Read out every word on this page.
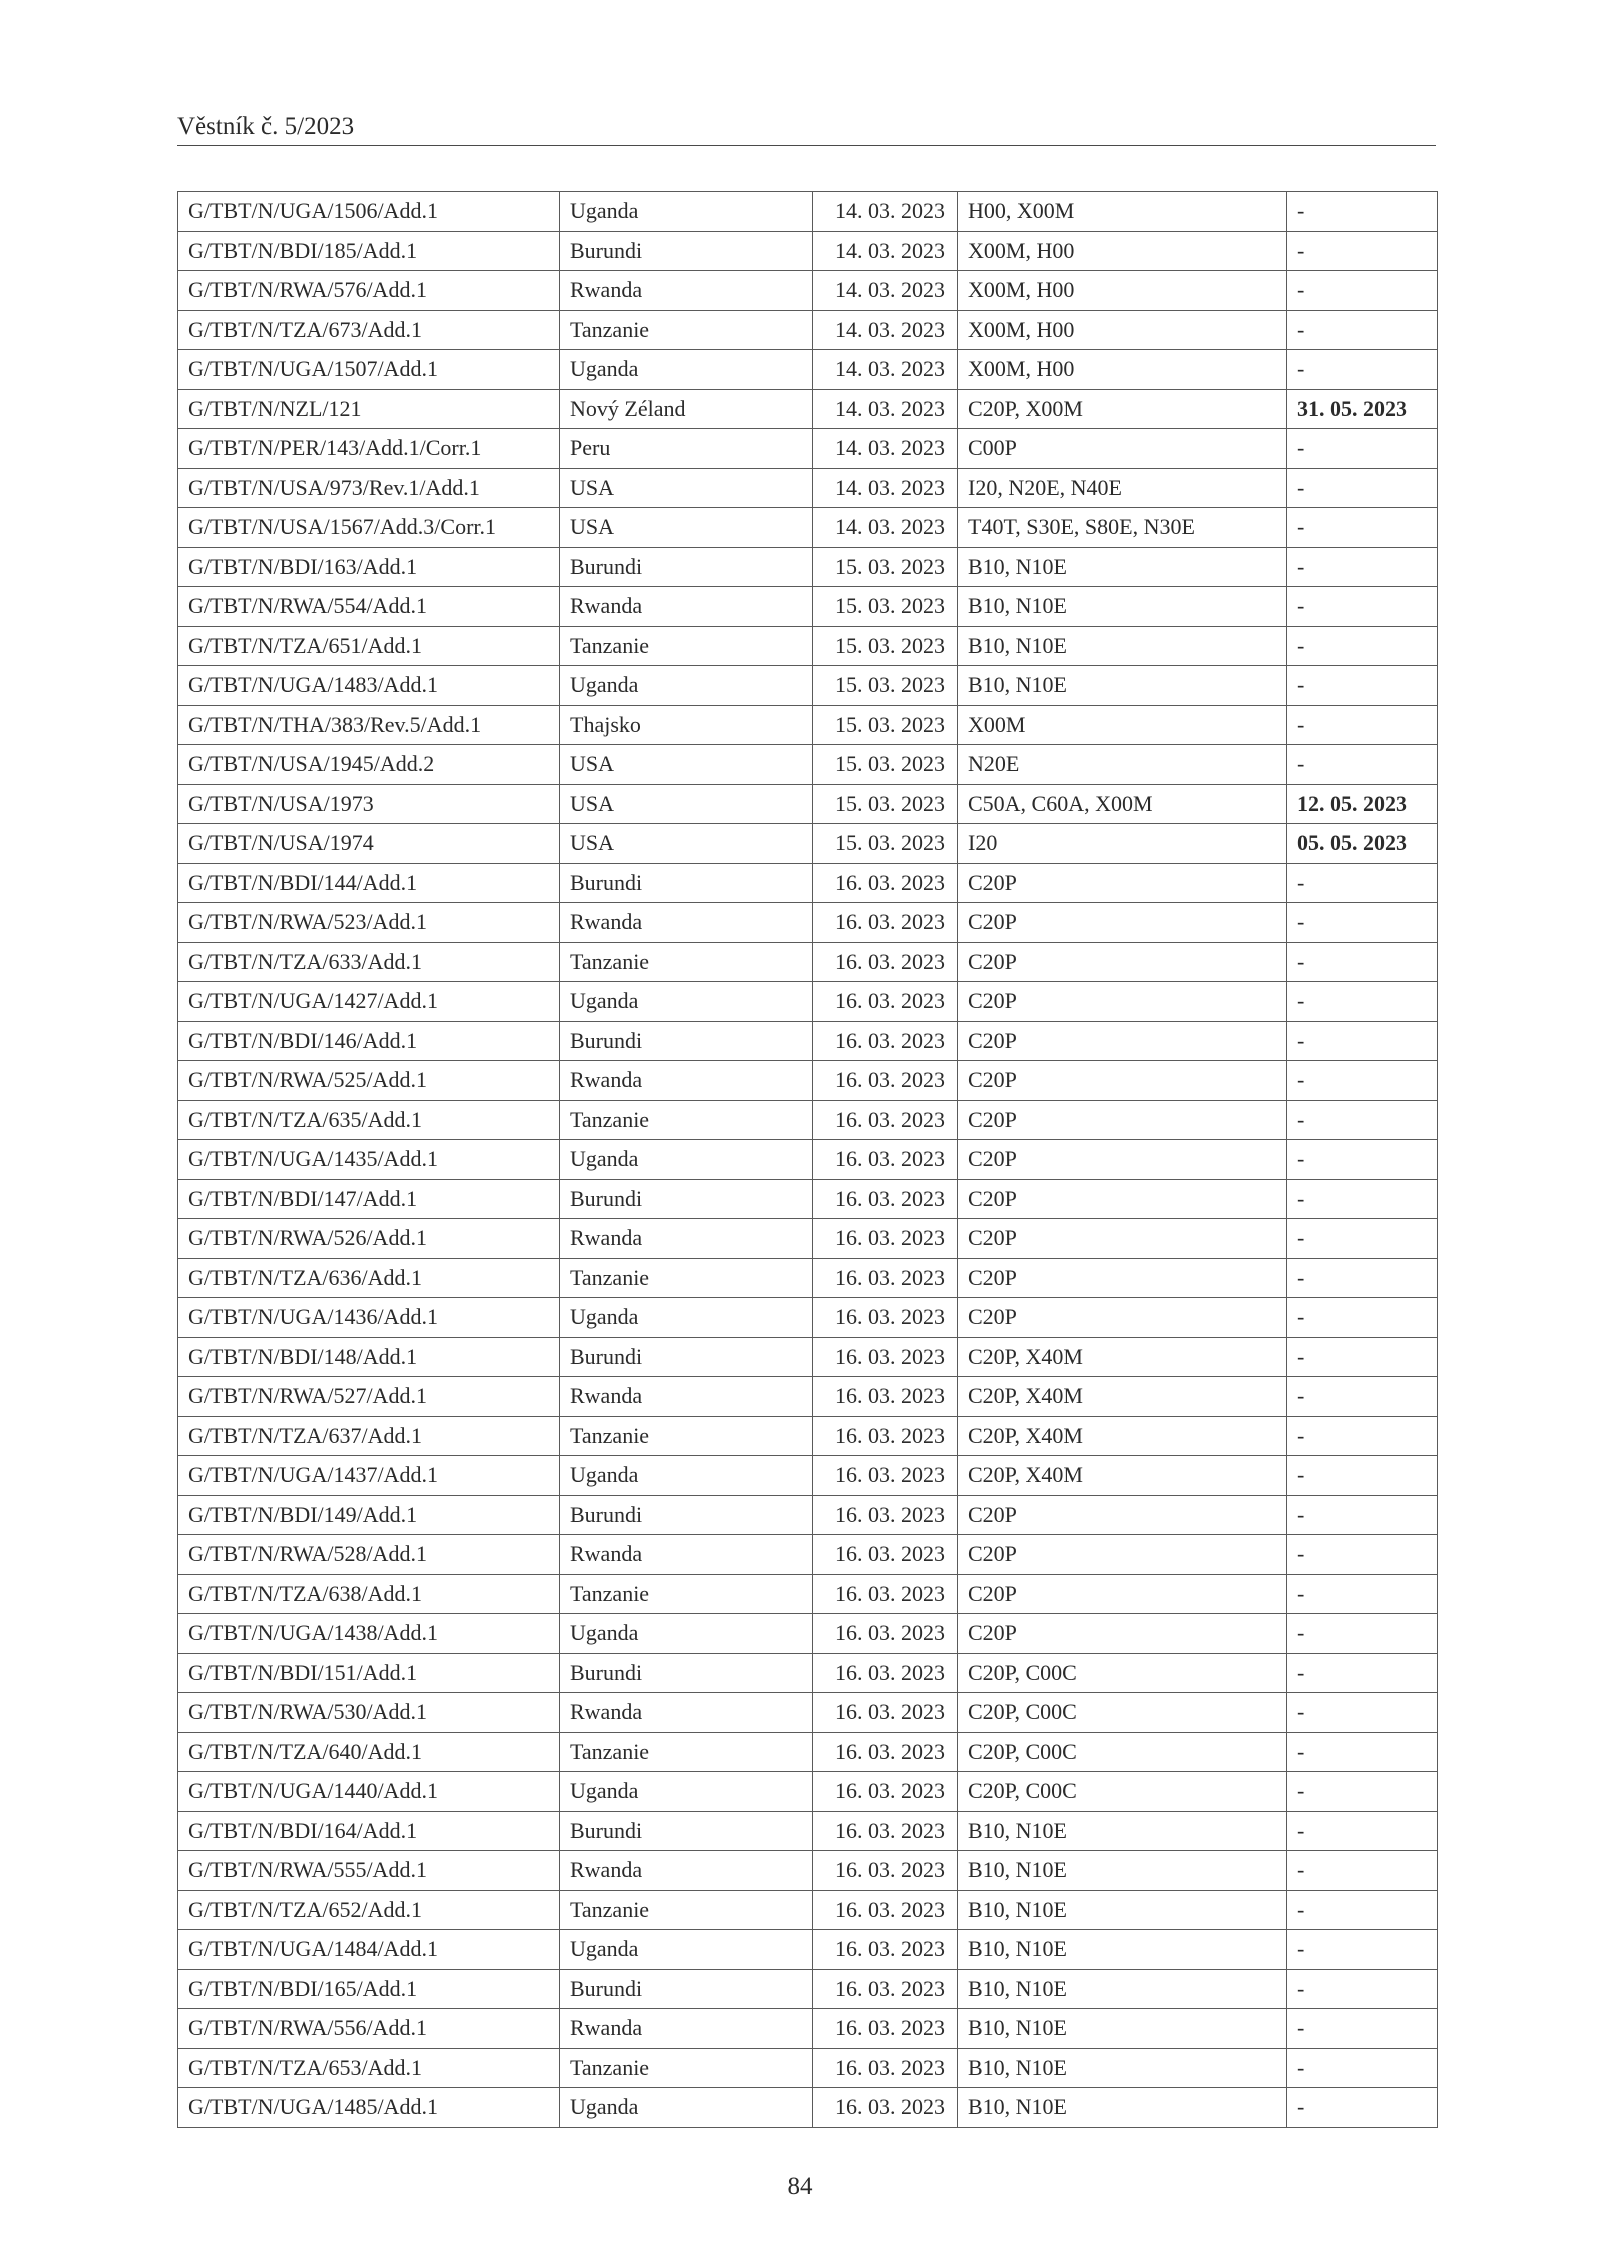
Věstník č. 5/2023
G/TBT/N/UGA/1506/Add.1	Uganda	14. 03. 2023	H00, X00M	-
G/TBT/N/BDI/185/Add.1	Burundi	14. 03. 2023	X00M, H00	-
G/TBT/N/RWA/576/Add.1	Rwanda	14. 03. 2023	X00M, H00	-
G/TBT/N/TZA/673/Add.1	Tanzanie	14. 03. 2023	X00M, H00	-
G/TBT/N/UGA/1507/Add.1	Uganda	14. 03. 2023	X00M, H00	-
G/TBT/N/NZL/121	Nový Zéland	14. 03. 2023	C20P, X00M	31. 05. 2023
G/TBT/N/PER/143/Add.1/Corr.1	Peru	14. 03. 2023	C00P	-
G/TBT/N/USA/973/Rev.1/Add.1	USA	14. 03. 2023	I20, N20E, N40E	-
G/TBT/N/USA/1567/Add.3/Corr.1	USA	14. 03. 2023	T40T, S30E, S80E, N30E	-
G/TBT/N/BDI/163/Add.1	Burundi	15. 03. 2023	B10, N10E	-
G/TBT/N/RWA/554/Add.1	Rwanda	15. 03. 2023	B10, N10E	-
G/TBT/N/TZA/651/Add.1	Tanzanie	15. 03. 2023	B10, N10E	-
G/TBT/N/UGA/1483/Add.1	Uganda	15. 03. 2023	B10, N10E	-
G/TBT/N/THA/383/Rev.5/Add.1	Thajsko	15. 03. 2023	X00M	-
G/TBT/N/USA/1945/Add.2	USA	15. 03. 2023	N20E	-
G/TBT/N/USA/1973	USA	15. 03. 2023	C50A, C60A, X00M	12. 05. 2023
G/TBT/N/USA/1974	USA	15. 03. 2023	I20	05. 05. 2023
G/TBT/N/BDI/144/Add.1	Burundi	16. 03. 2023	C20P	-
G/TBT/N/RWA/523/Add.1	Rwanda	16. 03. 2023	C20P	-
G/TBT/N/TZA/633/Add.1	Tanzanie	16. 03. 2023	C20P	-
G/TBT/N/UGA/1427/Add.1	Uganda	16. 03. 2023	C20P	-
G/TBT/N/BDI/146/Add.1	Burundi	16. 03. 2023	C20P	-
G/TBT/N/RWA/525/Add.1	Rwanda	16. 03. 2023	C20P	-
G/TBT/N/TZA/635/Add.1	Tanzanie	16. 03. 2023	C20P	-
G/TBT/N/UGA/1435/Add.1	Uganda	16. 03. 2023	C20P	-
G/TBT/N/BDI/147/Add.1	Burundi	16. 03. 2023	C20P	-
G/TBT/N/RWA/526/Add.1	Rwanda	16. 03. 2023	C20P	-
G/TBT/N/TZA/636/Add.1	Tanzanie	16. 03. 2023	C20P	-
G/TBT/N/UGA/1436/Add.1	Uganda	16. 03. 2023	C20P	-
G/TBT/N/BDI/148/Add.1	Burundi	16. 03. 2023	C20P, X40M	-
G/TBT/N/RWA/527/Add.1	Rwanda	16. 03. 2023	C20P, X40M	-
G/TBT/N/TZA/637/Add.1	Tanzanie	16. 03. 2023	C20P, X40M	-
G/TBT/N/UGA/1437/Add.1	Uganda	16. 03. 2023	C20P, X40M	-
G/TBT/N/BDI/149/Add.1	Burundi	16. 03. 2023	C20P	-
G/TBT/N/RWA/528/Add.1	Rwanda	16. 03. 2023	C20P	-
G/TBT/N/TZA/638/Add.1	Tanzanie	16. 03. 2023	C20P	-
G/TBT/N/UGA/1438/Add.1	Uganda	16. 03. 2023	C20P	-
G/TBT/N/BDI/151/Add.1	Burundi	16. 03. 2023	C20P, C00C	-
G/TBT/N/RWA/530/Add.1	Rwanda	16. 03. 2023	C20P, C00C	-
G/TBT/N/TZA/640/Add.1	Tanzanie	16. 03. 2023	C20P, C00C	-
G/TBT/N/UGA/1440/Add.1	Uganda	16. 03. 2023	C20P, C00C	-
G/TBT/N/BDI/164/Add.1	Burundi	16. 03. 2023	B10, N10E	-
G/TBT/N/RWA/555/Add.1	Rwanda	16. 03. 2023	B10, N10E	-
G/TBT/N/TZA/652/Add.1	Tanzanie	16. 03. 2023	B10, N10E	-
G/TBT/N/UGA/1484/Add.1	Uganda	16. 03. 2023	B10, N10E	-
G/TBT/N/BDI/165/Add.1	Burundi	16. 03. 2023	B10, N10E	-
G/TBT/N/RWA/556/Add.1	Rwanda	16. 03. 2023	B10, N10E	-
G/TBT/N/TZA/653/Add.1	Tanzanie	16. 03. 2023	B10, N10E	-
G/TBT/N/UGA/1485/Add.1	Uganda	16. 03. 2023	B10, N10E	-
84
